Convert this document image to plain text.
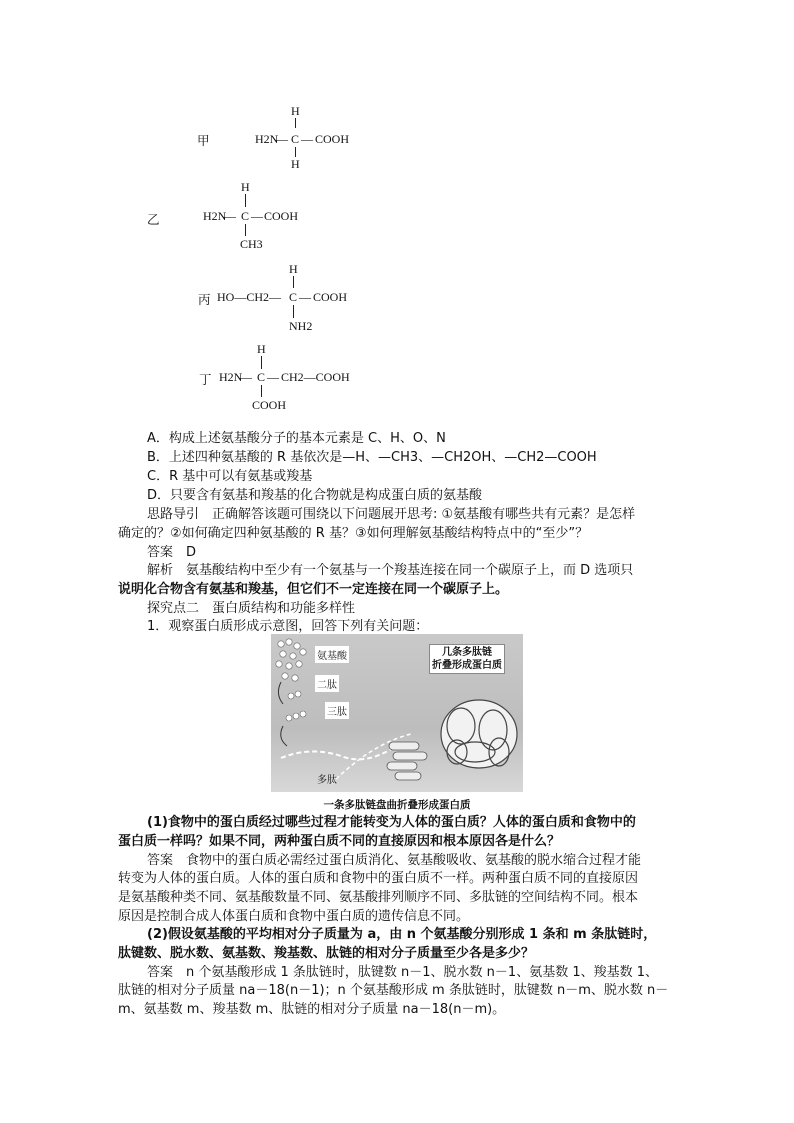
甲
H
H2N
— C — COOH
H
乙
H
H2N
— C — COOH
CH3
丙
H
HO—CH2— C — COOH
NH2
丁
H
H2N
— C — CH2—COOH
COOH
A．构成上述氨基酸分子的基本元素是 C、H、O、N
B．上述四种氨基酸的 R 基依次是—H、—CH3、—CH2OH、—CH2—COOH
C．R 基中可以有氨基或羧基
D．只要含有氨基和羧基的化合物就是构成蛋白质的氨基酸
思路导引　正确解答该题可围绕以下问题展开思考: ①氨基酸有哪些共有元素？是怎样
确定的？②如何确定四种氨基酸的 R 基？③如何理解氨基酸结构特点中的“至少”？
答案　D
解析　氨基酸结构中至少有一个氨基与一个羧基连接在同一个碳原子上，而 D 选项只
说明化合物含有氨基和羧基，但它们不一定连接在同一个碳原子上。
探究点二　蛋白质结构和功能多样性
1．观察蛋白质形成示意图，回答下列有关问题：
氨基酸
二肽
三肽
多肽
几条多肽链
折叠形成蛋白质
一条多肽链盘曲折叠形成蛋白质
(1)食物中的蛋白质经过哪些过程才能转变为人体的蛋白质？人体的蛋白质和食物中的
蛋白质一样吗？如果不同，两种蛋白质不同的直接原因和根本原因各是什么？
答案　食物中的蛋白质必需经过蛋白质消化、氨基酸吸收、氨基酸的脱水缩合过程才能
转变为人体的蛋白质。人体的蛋白质和食物中的蛋白质不一样。两种蛋白质不同的直接原因
是氨基酸种类不同、氨基酸数量不同、氨基酸排列顺序不同、多肽链的空间结构不同。根本
原因是控制合成人体蛋白质和食物中蛋白质的遗传信息不同。
(2)假设氨基酸的平均相对分子质量为 a，由 n 个氨基酸分别形成 1 条和 m 条肽链时，
肽键数、脱水数、氨基数、羧基数、肽链的相对分子质量至少各是多少？
答案　n 个氨基酸形成 1 条肽链时，肽键数 n－1、脱水数 n－1、氨基数 1、羧基数 1、
肽链的相对分子质量 na－18(n－1)；n 个氨基酸形成 m 条肽链时，肽键数 n－m、脱水数 n－
m、氨基数 m、羧基数 m、肽链的相对分子质量 na－18(n－m)。
